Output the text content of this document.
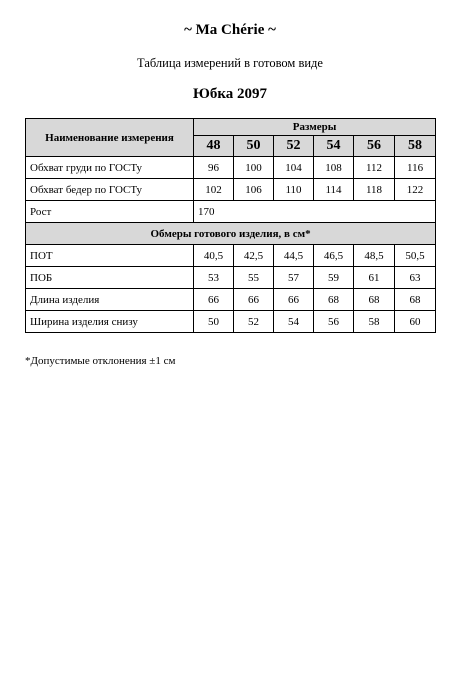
~ Ma Chérie ~
Таблица измерений в готовом виде
Юбка 2097
Наименование измерения	Размеры					
	48	50	52	54	56	58
Обхват груди по ГОСТу	96	100	104	108	112	116
Обхват бедер по ГОСТу	102	106	110	114	118	122
Рост	170					
Обмеры готового изделия, в см*						
ПОТ	40,5	42,5	44,5	46,5	48,5	50,5
ПОБ	53	55	57	59	61	63
Длина изделия	66	66	66	68	68	68
Ширина изделия снизу	50	52	54	56	58	60
*Допустимые отклонения ±1 см
